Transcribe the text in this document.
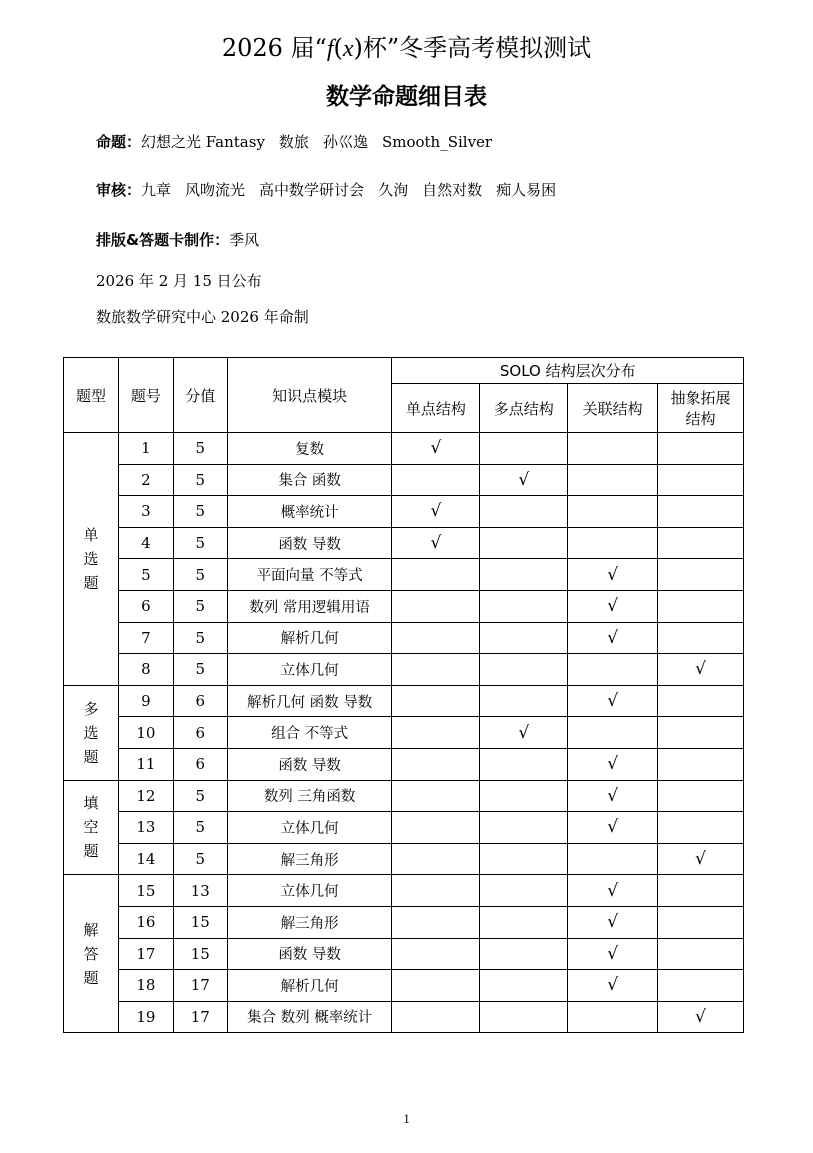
2026 届“f(x)杯”冬季高考模拟测试
数学命题细目表
命题：幻想之光 Fantasy 数旅 孙巛逸 Smooth_Silver
审核：九章 风吻流光 高中数学研讨会 久洵 自然对数 痴人易困
排版&答题卡制作：季风
2026 年 2 月 15 日公布
数旅数学研究中心 2026 年命制
题型	题号	分值	知识点模块	SOLO 结构层次分布			
				单点结构	多点结构	关联结构	抽象拓展结构

单
选
题	1	5	复数	√			
	2	5	集合 函数		√		
	3	5	概率统计	√			
	4	5	函数 导数	√			
	5	5	平面向量 不等式			√	
	6	5	数列 常用逻辑用语			√	
	7	5	解析几何			√	
	8	5	立体几何				√

多
选
题	9	6	解析几何 函数 导数			√	
	10	6	组合 不等式		√		
	11	6	函数 导数			√	

填
空
题	12	5	数列 三角函数			√	
	13	5	立体几何			√	
	14	5	解三角形				√

解
答
题	15	13	立体几何			√	
	16	15	解三角形			√	
	17	15	函数 导数			√	
	18	17	解析几何			√	
	19	17	集合 数列 概率统计				√
1
